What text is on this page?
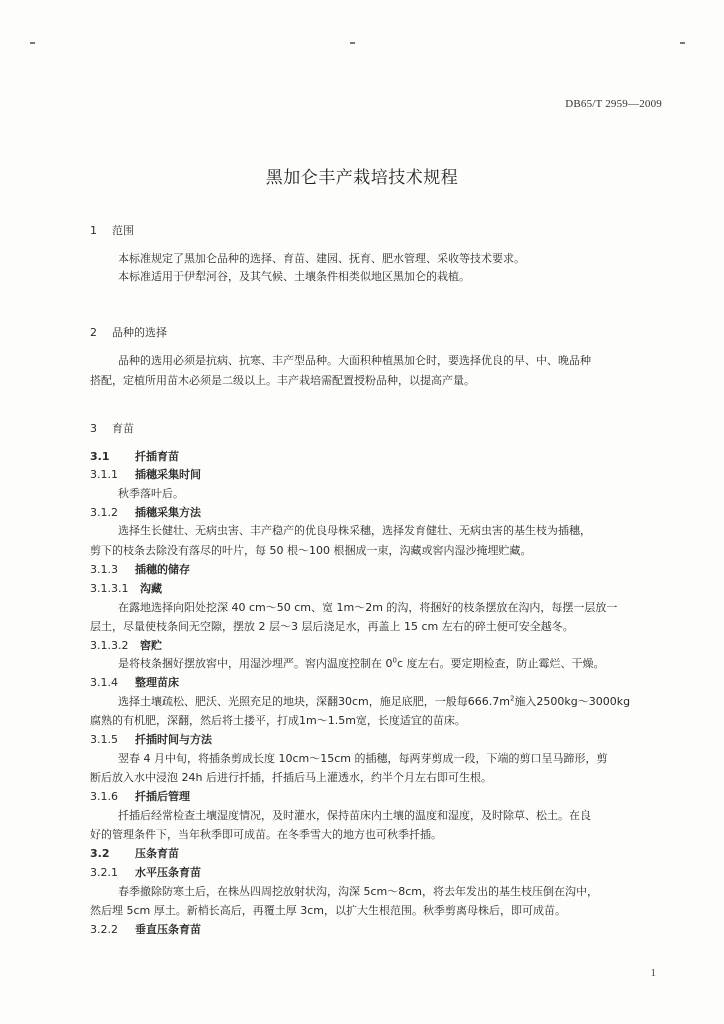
DB65/T 2959—2009
黑加仑丰产栽培技术规程
1 范围
本标准规定了黑加仑品种的选择、育苗、建园、抚育、肥水管理、采收等技术要求。
本标准适用于伊犁河谷，及其气候、土壤条件相类似地区黑加仑的栽植。
2 品种的选择
品种的选用必须是抗病、抗寒、丰产型品种。大面积种植黑加仑时，要选择优良的早、中、晚品种
搭配，定植所用苗木必须是二级以上。丰产栽培需配置授粉品种，以提高产量。
3 育苗
3.1 扦插育苗
3.1.1 插穗采集时间
秋季落叶后。
3.1.2 插穗采集方法
选择生长健壮、无病虫害、丰产稳产的优良母株采穗，选择发育健壮、无病虫害的基生枝为插穗，
剪下的枝条去除没有落尽的叶片，每 50 根～100 根捆成一束，沟藏或窖内湿沙掩埋贮藏。
3.1.3 插穗的储存
3.1.3.1 沟藏
在露地选择向阳处挖深 40 cm～50 cm、宽 1m～2m 的沟，将捆好的枝条摆放在沟内，每摆一层放一
层土，尽量使枝条间无空隙，摆放 2 层～3 层后浇足水，再盖上 15 cm 左右的碎土便可安全越冬。
3.1.3.2 窖贮
是将枝条捆好摆放窖中，用湿沙埋严。窖内温度控制在 $0^0c$ 度左右。要定期检查，防止霉烂、干燥。
3.1.4 整理苗床
选择土壤疏松、肥沃、光照充足的地块，深翻30cm，施足底肥，一般每$666.7m^2$施入2500kg～3000kg
腐熟的有机肥，深翻，然后将土搂平，打成1m～1.5m宽，长度适宜的苗床。
3.1.5 扦插时间与方法
翌春 4 月中旬，将插条剪成长度 10cm～15cm 的插穗，每两芽剪成一段，下端的剪口呈马蹄形，剪
断后放入水中浸泡 24h 后进行扦插，扦插后马上灌透水，约半个月左右即可生根。
3.1.6 扦插后管理
扦插后经常检查土壤湿度情况，及时灌水，保持苗床内土壤的温度和湿度，及时除草、松土。在良
好的管理条件下，当年秋季即可成苗。在冬季雪大的地方也可秋季扦插。
3.2 压条育苗
3.2.1 水平压条育苗
春季撤除防寒土后，在株丛四周挖放射状沟，沟深 5cm～8cm，将去年发出的基生枝压倒在沟中，
然后埋 5cm 厚土。新梢长高后，再覆土厚 3cm，以扩大生根范围。秋季剪离母株后，即可成苗。
3.2.2 垂直压条育苗
1
